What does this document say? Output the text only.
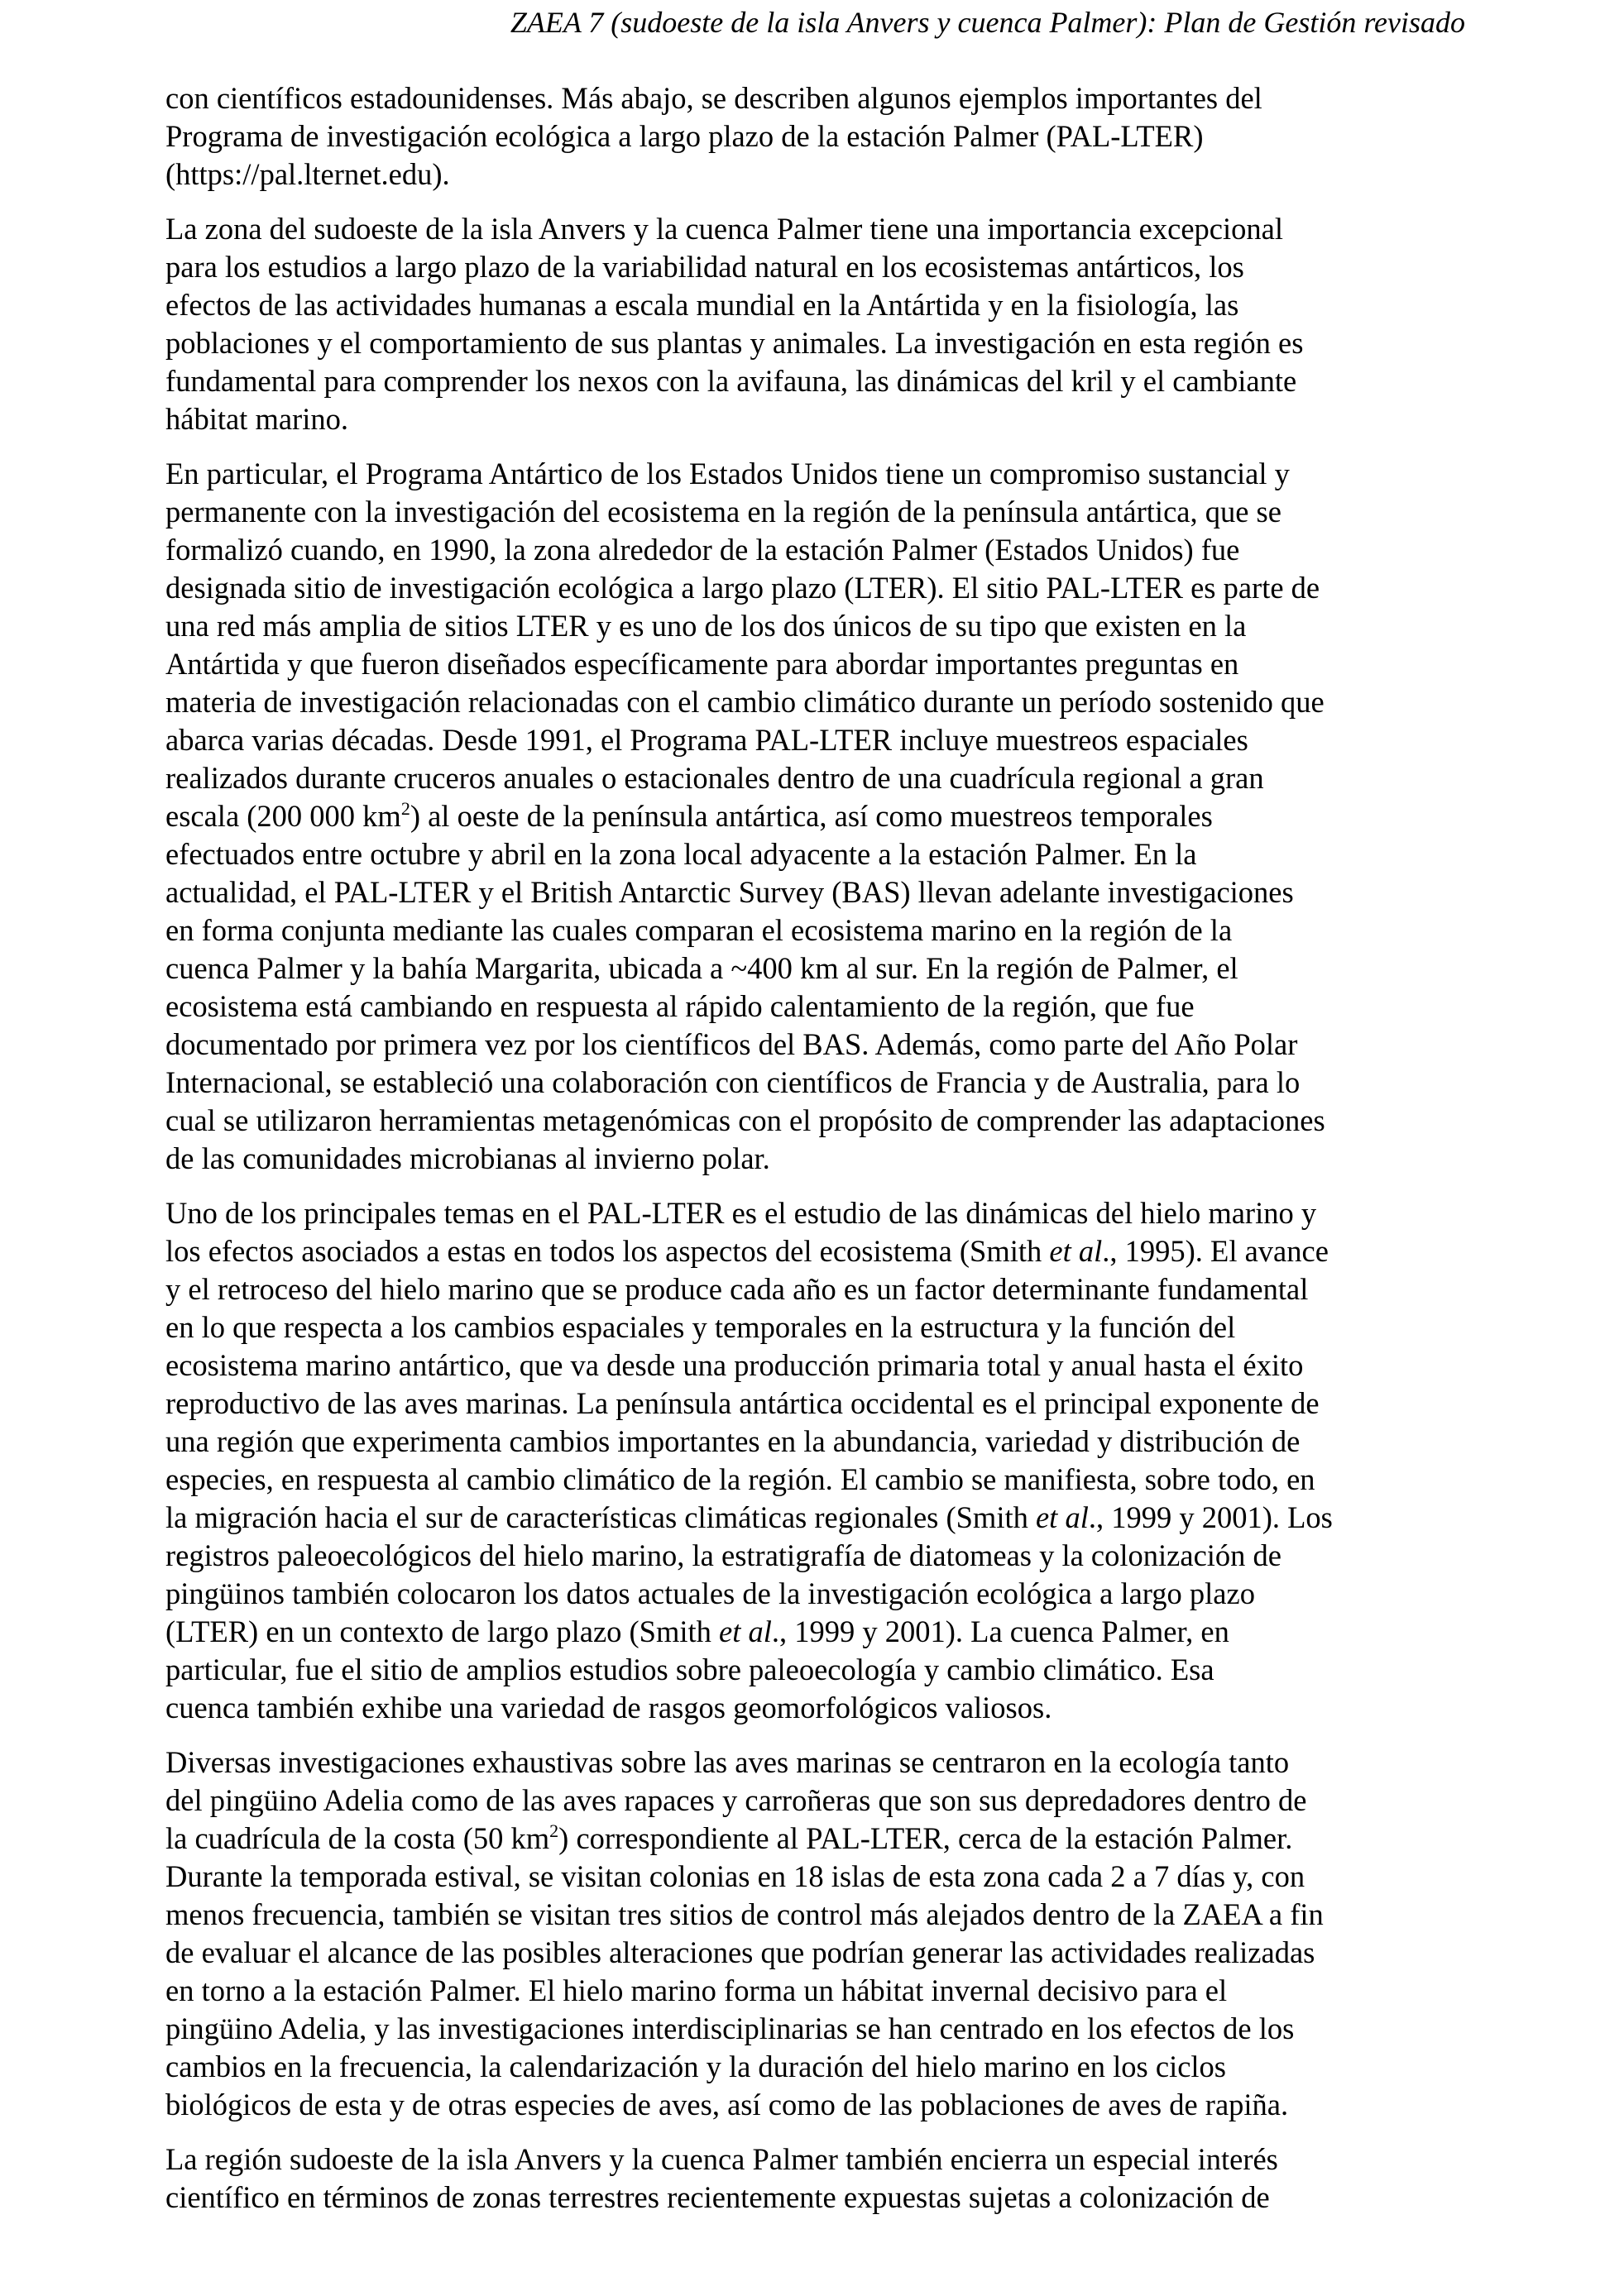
ZAEA 7 (sudoeste de la isla Anvers y cuenca Palmer): Plan de Gestión revisado

con científicos estadounidenses. Más abajo, se describen algunos ejemplos importantes del
Programa de investigación ecológica a largo plazo de la estación Palmer (PAL-LTER)
(https://pal.lternet.edu).

La zona del sudoeste de la isla Anvers y la cuenca Palmer tiene una importancia excepcional
para los estudios a largo plazo de la variabilidad natural en los ecosistemas antárticos, los
efectos de las actividades humanas a escala mundial en la Antártida y en la fisiología, las
poblaciones y el comportamiento de sus plantas y animales. La investigación en esta región es
fundamental para comprender los nexos con la avifauna, las dinámicas del kril y el cambiante
hábitat marino.

En particular, el Programa Antártico de los Estados Unidos tiene un compromiso sustancial y
permanente con la investigación del ecosistema en la región de la península antártica, que se
formalizó cuando, en 1990, la zona alrededor de la estación Palmer (Estados Unidos) fue
designada sitio de investigación ecológica a largo plazo (LTER). El sitio PAL-LTER es parte de
una red más amplia de sitios LTER y es uno de los dos únicos de su tipo que existen en la
Antártida y que fueron diseñados específicamente para abordar importantes preguntas en
materia de investigación relacionadas con el cambio climático durante un período sostenido que
abarca varias décadas. Desde 1991, el Programa PAL-LTER incluye muestreos espaciales
realizados durante cruceros anuales o estacionales dentro de una cuadrícula regional a gran
escala (200 000 $km^2$) al oeste de la península antártica, así como muestreos temporales
efectuados entre octubre y abril en la zona local adyacente a la estación Palmer. En la
actualidad, el PAL-LTER y el British Antarctic Survey (BAS) llevan adelante investigaciones
en forma conjunta mediante las cuales comparan el ecosistema marino en la región de la
cuenca Palmer y la bahía Margarita, ubicada a ~400 km al sur. En la región de Palmer, el
ecosistema está cambiando en respuesta al rápido calentamiento de la región, que fue
documentado por primera vez por los científicos del BAS. Además, como parte del Año Polar
Internacional, se estableció una colaboración con científicos de Francia y de Australia, para lo
cual se utilizaron herramientas metagenómicas con el propósito de comprender las adaptaciones
de las comunidades microbianas al invierno polar.

Uno de los principales temas en el PAL-LTER es el estudio de las dinámicas del hielo marino y
los efectos asociados a estas en todos los aspectos del ecosistema (Smith et al., 1995). El avance
y el retroceso del hielo marino que se produce cada año es un factor determinante fundamental
en lo que respecta a los cambios espaciales y temporales en la estructura y la función del
ecosistema marino antártico, que va desde una producción primaria total y anual hasta el éxito
reproductivo de las aves marinas. La península antártica occidental es el principal exponente de
una región que experimenta cambios importantes en la abundancia, variedad y distribución de
especies, en respuesta al cambio climático de la región. El cambio se manifiesta, sobre todo, en
la migración hacia el sur de características climáticas regionales (Smith et al., 1999 y 2001). Los
registros paleoecológicos del hielo marino, la estratigrafía de diatomeas y la colonización de
pingüinos también colocaron los datos actuales de la investigación ecológica a largo plazo
(LTER) en un contexto de largo plazo (Smith et al., 1999 y 2001). La cuenca Palmer, en
particular, fue el sitio de amplios estudios sobre paleoecología y cambio climático. Esa
cuenca también exhibe una variedad de rasgos geomorfológicos valiosos.

Diversas investigaciones exhaustivas sobre las aves marinas se centraron en la ecología tanto
del pingüino Adelia como de las aves rapaces y carroñeras que son sus depredadores dentro de
la cuadrícula de la costa (50 $km^2$) correspondiente al PAL-LTER, cerca de la estación Palmer.
Durante la temporada estival, se visitan colonias en 18 islas de esta zona cada 2 a 7 días y, con
menos frecuencia, también se visitan tres sitios de control más alejados dentro de la ZAEA a fin
de evaluar el alcance de las posibles alteraciones que podrían generar las actividades realizadas
en torno a la estación Palmer. El hielo marino forma un hábitat invernal decisivo para el
pingüino Adelia, y las investigaciones interdisciplinarias se han centrado en los efectos de los
cambios en la frecuencia, la calendarización y la duración del hielo marino en los ciclos
biológicos de esta y de otras especies de aves, así como de las poblaciones de aves de rapiña.

La región sudoeste de la isla Anvers y la cuenca Palmer también encierra un especial interés
científico en términos de zonas terrestres recientemente expuestas sujetas a colonización de
